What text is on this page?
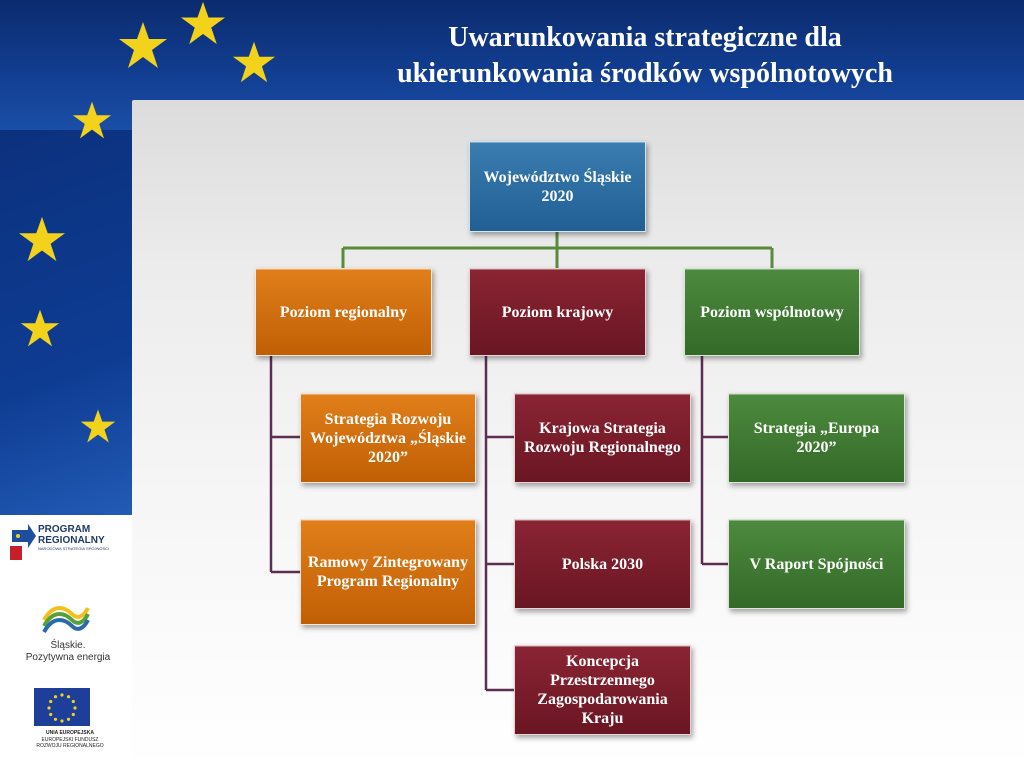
Uwarunkowania strategiczne dla
ukierunkowania środków wspólnotowych
Województwo Śląskie 2020
Poziom regionalny	Poziom krajowy	Poziom wspólnotowy
Strategia Rozwoju Województwa „Śląskie 2020”
Ramowy Zintegrowany Program Regionalny
Krajowa Strategia Rozwoju Regionalnego
Polska 2030
Koncepcja Przestrzennego Zagospodarowania Kraju
Strategia „Europa 2020”
V Raport Spójności
PROGRAM
REGIONALNY
NARODOWA STRATEGIA SPÓJNOŚCI
Śląskie.
Pozytywna energia
UNIA EUROPEJSKA
EUROPEJSKI FUNDUSZ
ROZWOJU REGIONALNEGO
